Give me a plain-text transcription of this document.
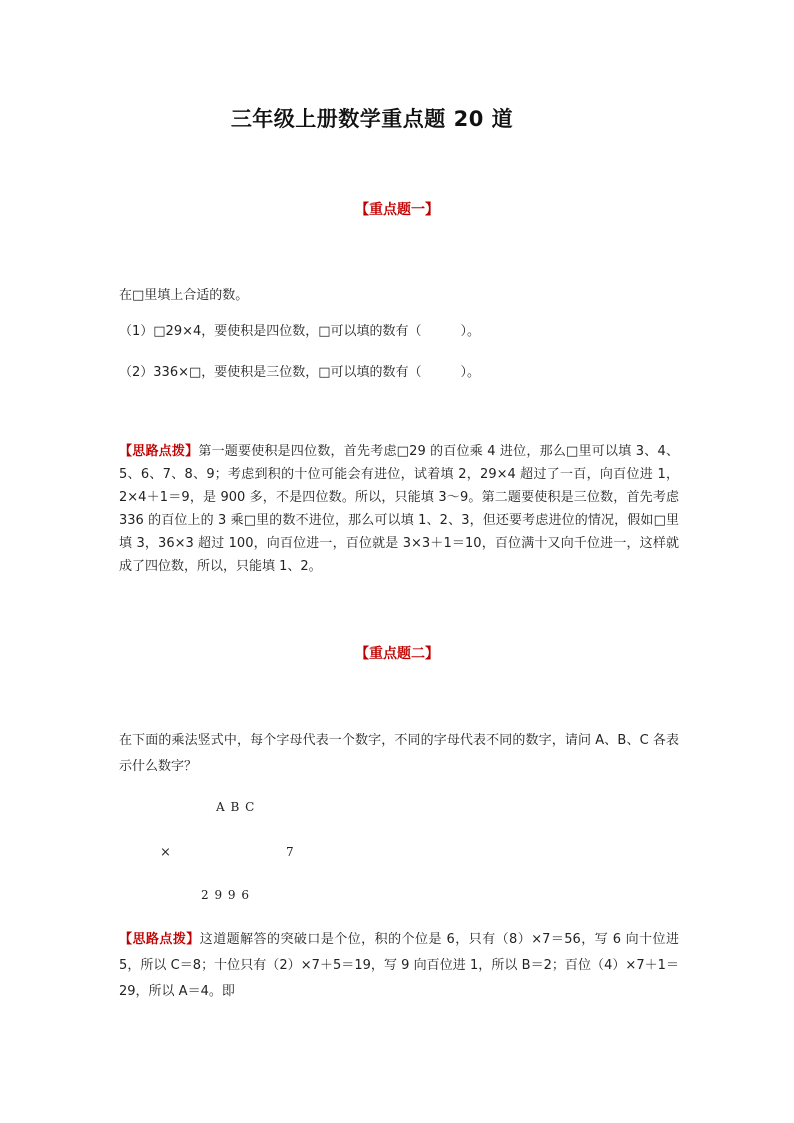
三年级上册数学重点题 20 道
【重点题一】
在□里填上合适的数。
（1）□29×4，要使积是四位数，□可以填的数有（　　　）。
（2）336×□，要使积是三位数，□可以填的数有（　　　）。
【思路点拨】第一题要使积是四位数，首先考虑□29 的百位乘 4 进位，那么□里可以填 3、4、5、6、7、8、9；考虑到积的十位可能会有进位，试着填 2，29×4 超过了一百，向百位进 1，2×4＋1＝9，是 900 多，不是四位数。所以，只能填 3～9。第二题要使积是三位数，首先考虑 336 的百位上的 3 乘□里的数不进位，那么可以填 1、2、3，但还要考虑进位的情况，假如□里填 3，36×3 超过 100，向百位进一，百位就是 3×3＋1＝10，百位满十又向千位进一，这样就成了四位数，所以，只能填 1、2。
【重点题二】
在下面的乘法竖式中，每个字母代表一个数字，不同的字母代表不同的数字，请问 A、B、C 各表示什么数字？
A B C
×	7
2 9 9 6
【思路点拨】这道题解答的突破口是个位，积的个位是 6，只有（8）×7＝56，写 6 向十位进 5，所以 C＝8；十位只有（2）×7＋5＝19，写 9 向百位进 1，所以 B＝2；百位（4）×7＋1＝29，所以 A＝4。即
